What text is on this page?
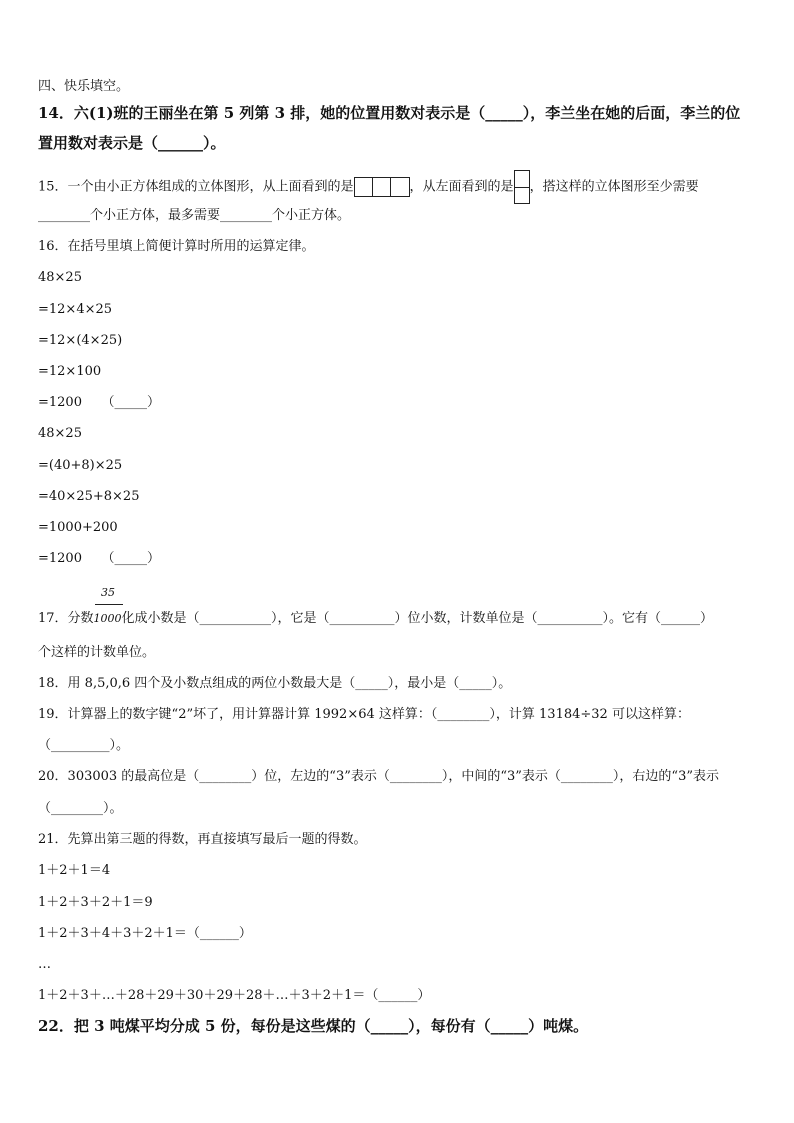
四、快乐填空。
14．六(1)班的王丽坐在第 5 列第 3 排，她的位置用数对表示是（_____），李兰坐在她的后面，李兰的位
置用数对表示是（______）。
15．一个由小正方体组成的立体图形，从上面看到的是	，从左面看到的是 ，搭这样的立体图形至少需要
________个小正方体，最多需要________个小正方体。
16．在括号里填上简便计算时所用的运算定律。
48×25
=12×4×25
=12×(4×25)
=12×100
=1200　　（_____）
48×25
=(40+8)×25
=40×25+8×25
=1000+200
=1200　　（_____）
35
17．分数1000化成小数是（___________），它是（__________）位小数，计数单位是（__________）。它有（______）
个这样的计数单位。
18．用 8,5,0,6 四个及小数点组成的两位小数最大是（_____），最小是（_____）。
19．计算器上的数字键“2”坏了，用计算器计算 1992×64 这样算：（________），计算 13184÷32 可以这样算：
（_________）。
20．303003 的最高位是（________）位，左边的“3”表示（________），中间的“3”表示（________），右边的“3”表示
（________）。
21．先算出第三题的得数，再直接填写最后一题的得数。
1＋2＋1＝4
1＋2＋3＋2＋1＝9
1＋2＋3＋4＋3＋2＋1＝（______）
…
1＋2＋3＋…＋28＋29＋30＋29＋28＋…＋3＋2＋1＝（______）
22．把 3 吨煤平均分成 5 份，每份是这些煤的（_____），每份有（_____）吨煤。
